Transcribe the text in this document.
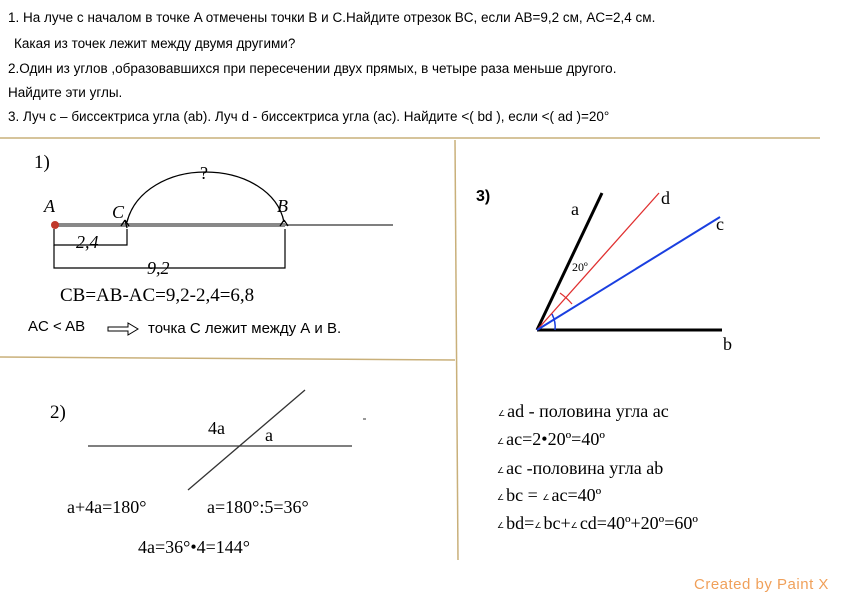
1. На луче с началом в точке A отмечены точки B и C.Найдите отрезок BC, если AB=9,2 см, AC=2,4 см.
Какая из точек лежит между двумя другими?
2.Один из углов ,образовавшихся при пересечении двух прямых, в четыре раза меньше другого.
Найдите эти углы.
3. Луч c – биссектриса угла (ab). Луч d - биссектриса угла (ac). Найдите <( bd ), если <( ad )=20°
1)	?
A	C	B
2,4
9,2
CB=AB-AC=9,2-2,4=6,8
AC < AB	точка С лежит между А и В.
2)
4a a
a+4a=180°	a=180°:5=36°
4a=36°•4=144°
3)
a
d
c
b
20º
∠ ad - половина угла ac
∠ ac=2•20º=40º
∠ ac -половина угла ab
∠ bc = ∠ ac=40º
∠ bd=∠ bc+∠ cd=40º+20º=60º
Created by Paint X
